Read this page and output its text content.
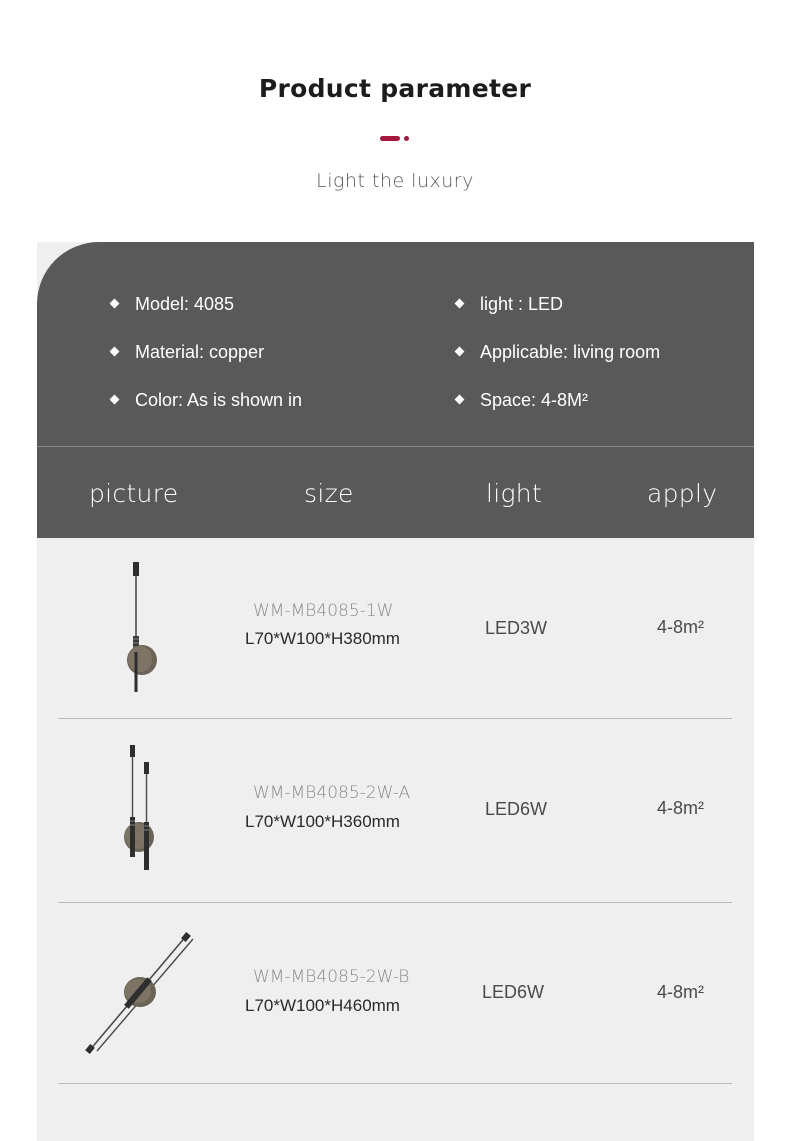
Product parameter
Light the luxury
Model: 4085
Material: copper
Color: As is shown in
light : LED
Applicable: living room
Space: 4-8M²
picture	size	light	apply
WM-MB4085-1W
L70*W100*H380mm
LED3W	4-8m²
WM-MB4085-2W-A
L70*W100*H360mm
LED6W	4-8m²
WM-MB4085-2W-B
L70*W100*H460mm
LED6W	4-8m²
